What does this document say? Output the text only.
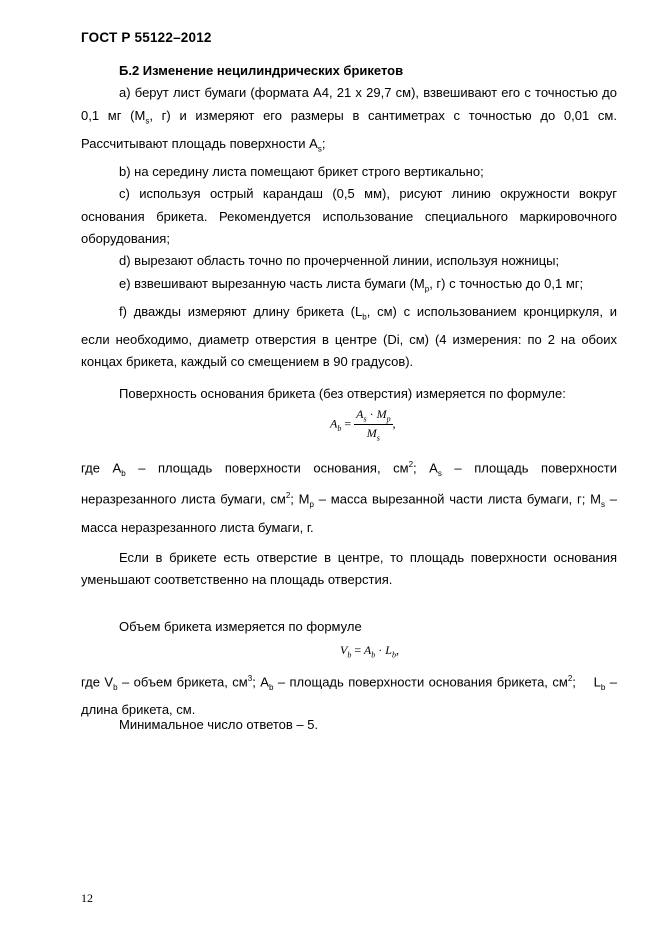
ГОСТ Р 55122–2012

Б.2 Изменение нецилиндрических брикетов

а) берут лист бумаги (формата А4, 21 х 29,7 см), взвешивают его с точностью до 0,1 мг ($M_s$, г) и измеряют его размеры в сантиметрах с точностью до 0,01 см. Рассчитывают площадь поверхности $A_s$;

b) на середину листа помещают брикет строго вертикально;

с) используя острый карандаш (0,5 мм), рисуют линию окружности вокруг основания брикета. Рекомендуется использование специального маркировочного оборудования;

d) вырезают область точно по прочерченной линии, используя ножницы;

е) взвешивают вырезанную часть листа бумаги ($M_p$, г) с точностью до 0,1 мг;

f) дважды измеряют длину брикета ($L_b$, см) с использованием кронциркуля, и если необходимо, диаметр отверстия в центре (Di, см) (4 измерения: по 2 на обоих концах брикета, каждый со смещением в 90 градусов).

Поверхность основания брикета (без отверстия) измеряется по формуле:

$A_b = \frac{A_s \cdot M_p}{M_s}$ ,

где $A_b$ – площадь поверхности основания, $см^2$; $A_s$ – площадь поверхности неразрезанного листа бумаги, $см^2$; $M_p$ – масса вырезанной части листа бумаги, г; $M_s$ – масса неразрезанного листа бумаги, г.

Если в брикете есть отверстие в центре, то площадь поверхности основания уменьшают соответственно на площадь отверстия.

Объем брикета измеряется по формуле

$V_b = A_b \cdot L_b$,

где $V_b$ – объем брикета, $см^3$; $A_b$ – площадь поверхности основания брикета, $см^2$;    $L_b$ – длина брикета, см.

Минимальное число ответов – 5.

12
